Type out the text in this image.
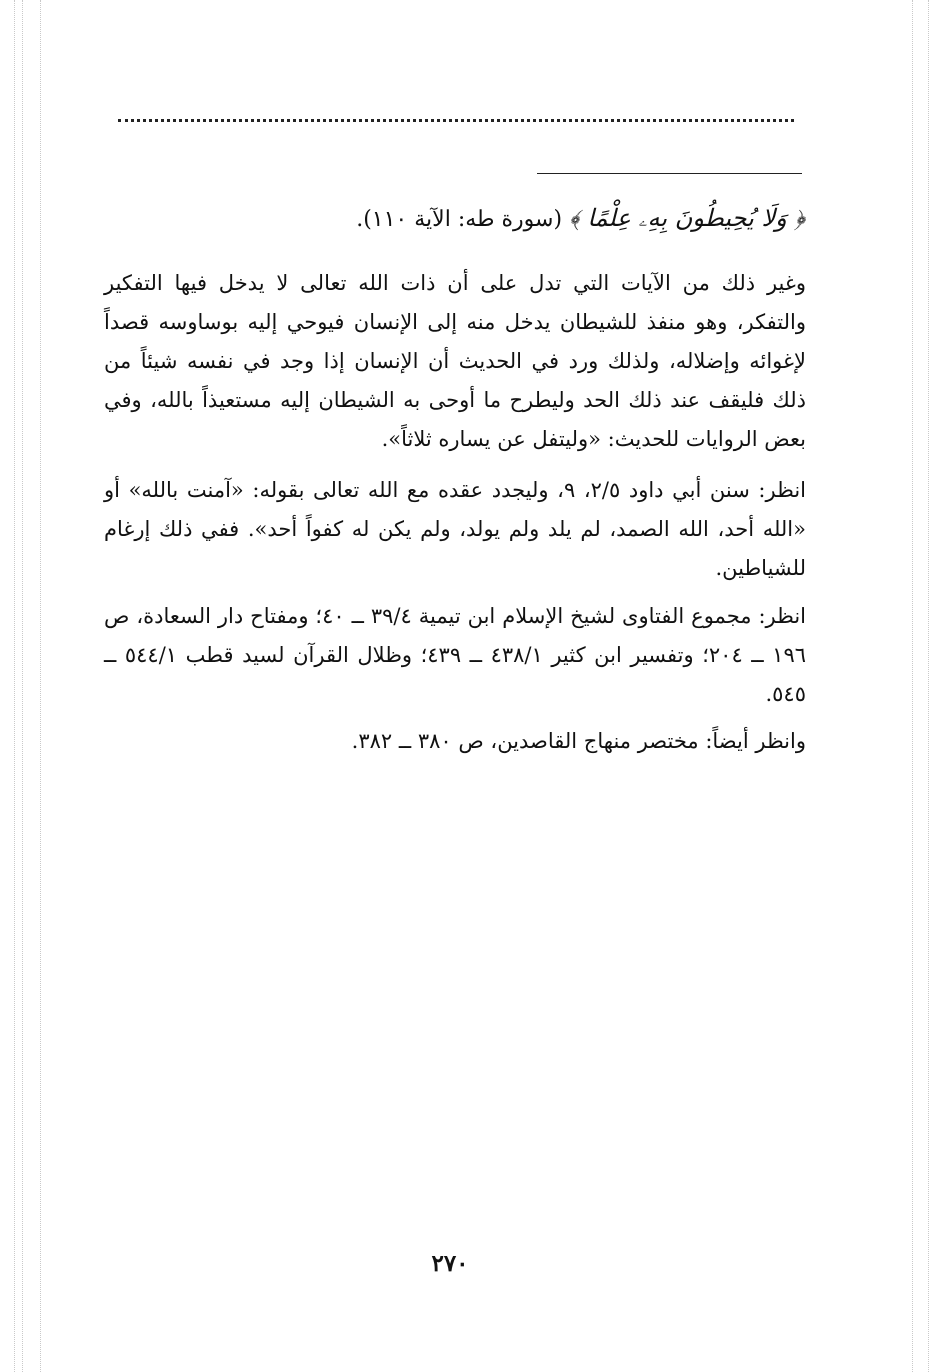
﴿ وَلَا يُحِيطُونَ بِهِۦ عِلْمًا ﴾ (سورة طه: الآية ١١٠).

وغير ذلك من الآيات التي تدل على أن ذات الله تعالى لا يدخل فيها التفكير والتفكر، وهو منفذ للشيطان يدخل منه إلى الإنسان فيوحي إليه بوساوسه قصداً لإغوائه وإضلاله، ولذلك ورد في الحديث أن الإنسان إذا وجد في نفسه شيئاً من ذلك فليقف عند ذلك الحد وليطرح ما أوحى به الشيطان إليه مستعيذاً بالله، وفي بعض الروايات للحديث: «وليتفل عن يساره ثلاثاً».

انظر: سنن أبي داود ٢/٥، ٩، وليجدد عقده مع الله تعالى بقوله: «آمنت بالله» أو «الله أحد، الله الصمد، لم يلد ولم يولد، ولم يكن له كفواً أحد». ففي ذلك إرغام للشياطين.

انظر: مجموع الفتاوى لشيخ الإسلام ابن تيمية ٣٩/٤ ــ ٤٠؛ ومفتاح دار السعادة، ص ١٩٦ ــ ٢٠٤؛ وتفسير ابن كثير ٤٣٨/١ ــ ٤٣٩؛ وظلال القرآن لسيد قطب ٥٤٤/١ ــ ٥٤٥.

وانظر أيضاً: مختصر منهاج القاصدين، ص ٣٨٠ ــ ٣٨٢.

٢٧٠
